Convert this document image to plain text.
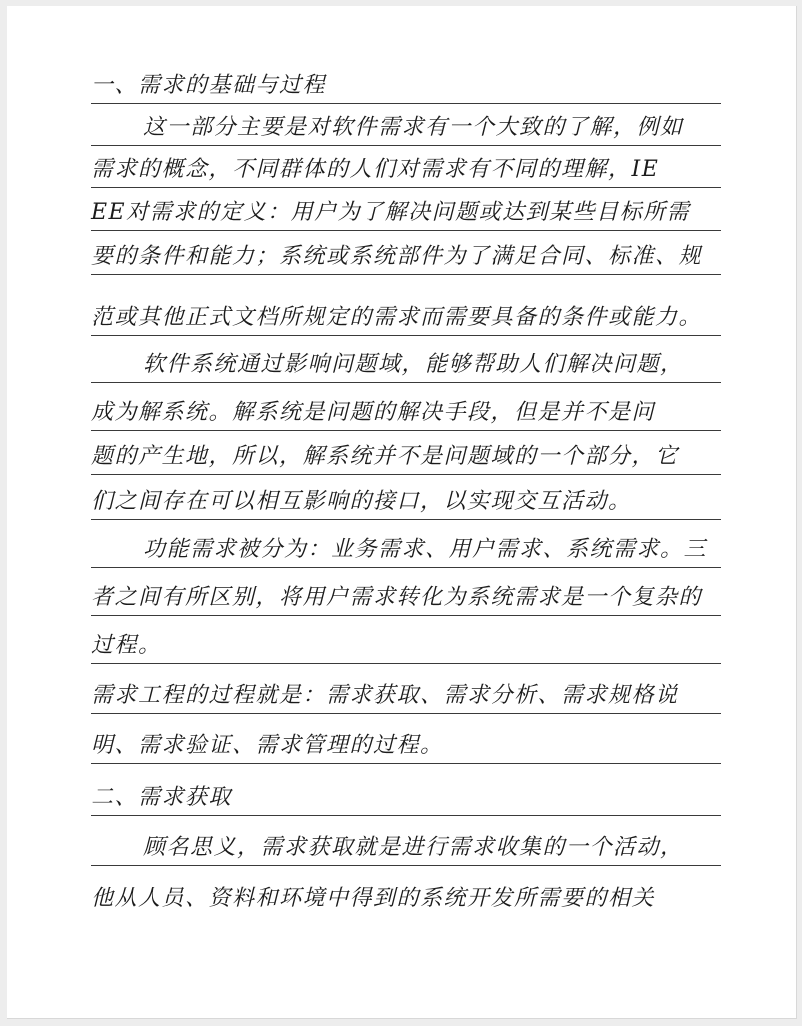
一、需求的基础与过程
这一部分主要是对软件需求有一个大致的了解，例如
需求的概念，不同群体的人们对需求有不同的理解，IE
EE对需求的定义：用户为了解决问题或达到某些目标所需
要的条件和能力；系统或系统部件为了满足合同、标准、规
范或其他正式文档所规定的需求而需要具备的条件或能力。
软件系统通过影响问题域，能够帮助人们解决问题，
成为解系统。解系统是问题的解决手段，但是并不是问
题的产生地，所以，解系统并不是问题域的一个部分，它
们之间存在可以相互影响的接口，以实现交互活动。
功能需求被分为：业务需求、用户需求、系统需求。三
者之间有所区别，将用户需求转化为系统需求是一个复杂的
过程。
需求工程的过程就是：需求获取、需求分析、需求规格说
明、需求验证、需求管理的过程。
二、需求获取
顾名思义，需求获取就是进行需求收集的一个活动，
他从人员、资料和环境中得到的系统开发所需要的相关
